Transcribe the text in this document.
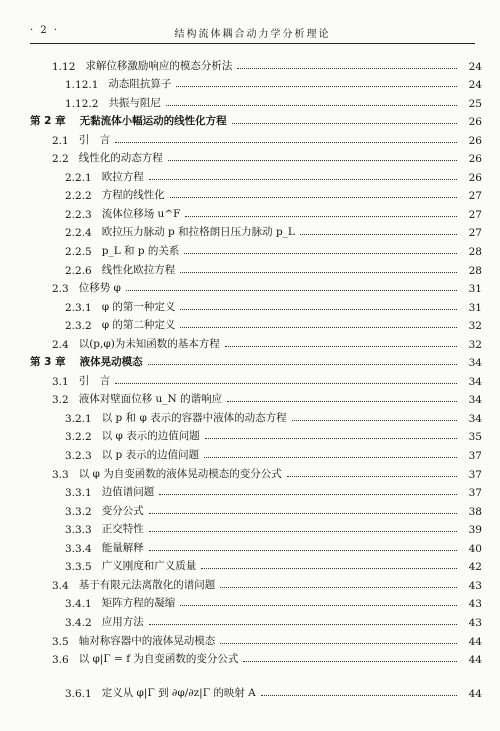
· 2 ·	结构流体耦合动力学分析理论
1.12 求解位移激励响应的模态分析法	24
1.12.1 动态阻抗算子	24
1.12.2 共振与阻尼	25
第 2 章	无黏流体小幅运动的线性化方程	26
2.1 引　言	26
2.2 线性化的动态方程	26
2.2.1 欧拉方程	26
2.2.2 方程的线性化	27
2.2.3 流体位移场 u^F	27
2.2.4 欧拉压力脉动 p 和拉格朗日压力脉动 p_L	27
2.2.5 p_L 和 p 的关系	28
2.2.6 线性化欧拉方程	28
2.3 位移势 φ	31
2.3.1 φ 的第一种定义	31
2.3.2 φ 的第二种定义	32
2.4 以(p,φ)为未知函数的基本方程	32
第 3 章	液体晃动模态	34
3.1 引　言	34
3.2 液体对壁面位移 u_N 的谐响应	34
3.2.1 以 p 和 φ 表示的容器中液体的动态方程	34
3.2.2 以 φ 表示的边值问题	35
3.2.3 以 p 表示的边值问题	37
3.3 以 φ 为自变函数的液体晃动模态的变分公式	37
3.3.1 边值谱问题	37
3.3.2 变分公式	38
3.3.3 正交特性	39
3.3.4 能量解释	40
3.3.5 广义刚度和广义质量	42
3.4 基于有限元法离散化的谱问题	43
3.4.1 矩阵方程的凝缩	43
3.4.2 应用方法	43
3.5 轴对称容器中的液体晃动模态	44
3.6 以 φ|Γ = f 为自变函数的变分公式	44
3.6.1 定义从 φ|Γ 到 ∂φ/∂z|Γ 的映射 A	44
